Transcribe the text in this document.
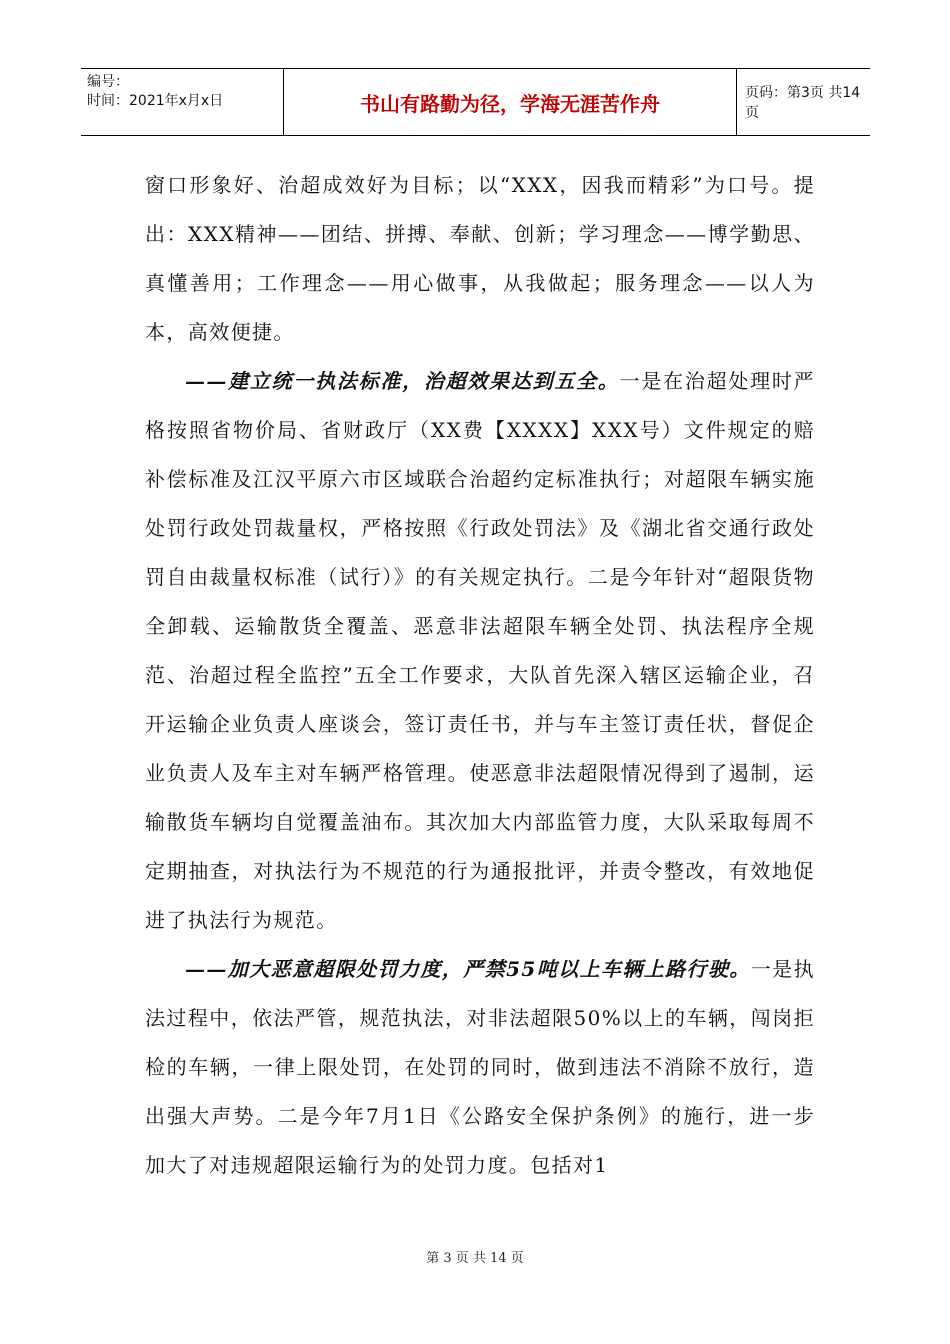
编号：
时间：2021年x月x日	书山有路勤为径，学海无涯苦作舟	页码：第3页 共14页

窗口形象好、治超成效好为目标；以“XXX，因我而精彩”为口号。提出：XXX精神——团结、拼搏、奉献、创新；学习理念——博学勤思、真懂善用；工作理念——用心做事，从我做起；服务理念——以人为本，高效便捷。

——建立统一执法标准，治超效果达到五全。一是在治超处理时严格按照省物价局、省财政厅（XX费【XXXX】XXX号）文件规定的赔补偿标准及江汉平原六市区域联合治超约定标准执行；对超限车辆实施处罚行政处罚裁量权，严格按照《行政处罚法》及《湖北省交通行政处罚自由裁量权标准（试行）》的有关规定执行。二是今年针对“超限货物全卸载、运输散货全覆盖、恶意非法超限车辆全处罚、执法程序全规范、治超过程全监控”五全工作要求，大队首先深入辖区运输企业，召开运输企业负责人座谈会，签订责任书，并与车主签订责任状，督促企业负责人及车主对车辆严格管理。使恶意非法超限情况得到了遏制，运输散货车辆均自觉覆盖油布。其次加大内部监管力度，大队采取每周不定期抽查，对执法行为不规范的行为通报批评，并责令整改，有效地促进了执法行为规范。

——加大恶意超限处罚力度，严禁55吨以上车辆上路行驶。一是执法过程中，依法严管，规范执法，对非法超限50%以上的车辆，闯岗拒检的车辆，一律上限处罚，在处罚的同时，做到违法不消除不放行，造出强大声势。二是今年7月1日《公路安全保护条例》的施行，进一步加大了对违规超限运输行为的处罚力度。包括对1

第 3 页 共 14 页
